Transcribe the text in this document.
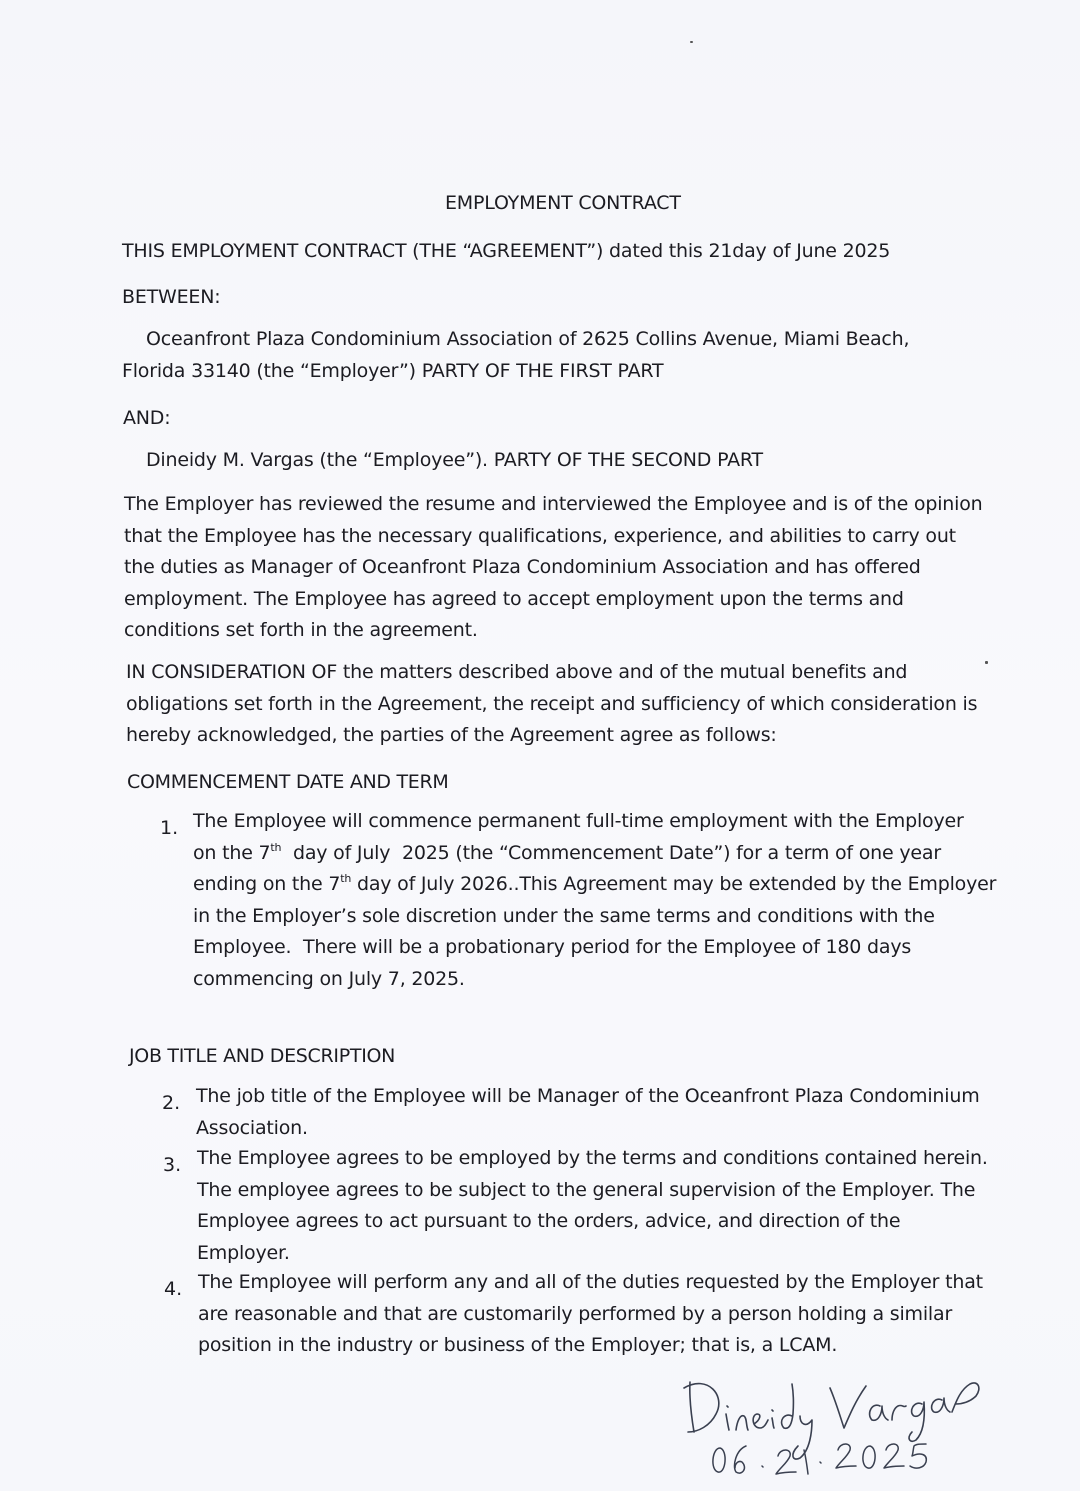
EMPLOYMENT CONTRACT
THIS EMPLOYMENT CONTRACT (THE “AGREEMENT”) dated this 21day of June 2025
BETWEEN:
Oceanfront Plaza Condominium Association of 2625 Collins Avenue, Miami Beach,
Florida 33140 (the “Employer”) PARTY OF THE FIRST PART
AND:
Dineidy M. Vargas (the “Employee”). PARTY OF THE SECOND PART
The Employer has reviewed the resume and interviewed the Employee and is of the opinion
that the Employee has the necessary qualifications, experience, and abilities to carry out
the duties as Manager of Oceanfront Plaza Condominium Association and has offered
employment. The Employee has agreed to accept employment upon the terms and
conditions set forth in the agreement.
IN CONSIDERATION OF the matters described above and of the mutual benefits and
obligations set forth in the Agreement, the receipt and sufficiency of which consideration is
hereby acknowledged, the parties of the Agreement agree as follows:
COMMENCEMENT DATE AND TERM
1. The Employee will commence permanent full-time employment with the Employer
on the 7th  day of July  2025 (the “Commencement Date”) for a term of one year
ending on the 7th day of July 2026..This Agreement may be extended by the Employer
in the Employer’s sole discretion under the same terms and conditions with the
Employee.  There will be a probationary period for the Employee of 180 days
commencing on July 7, 2025.
JOB TITLE AND DESCRIPTION
2. The job title of the Employee will be Manager of the Oceanfront Plaza Condominium
Association.
3. The Employee agrees to be employed by the terms and conditions contained herein.
The employee agrees to be subject to the general supervision of the Employer. The
Employee agrees to act pursuant to the orders, advice, and direction of the
Employer.
4. The Employee will perform any and all of the duties requested by the Employer that
are reasonable and that are customarily performed by a person holding a similar
position in the industry or business of the Employer; that is, a LCAM.
